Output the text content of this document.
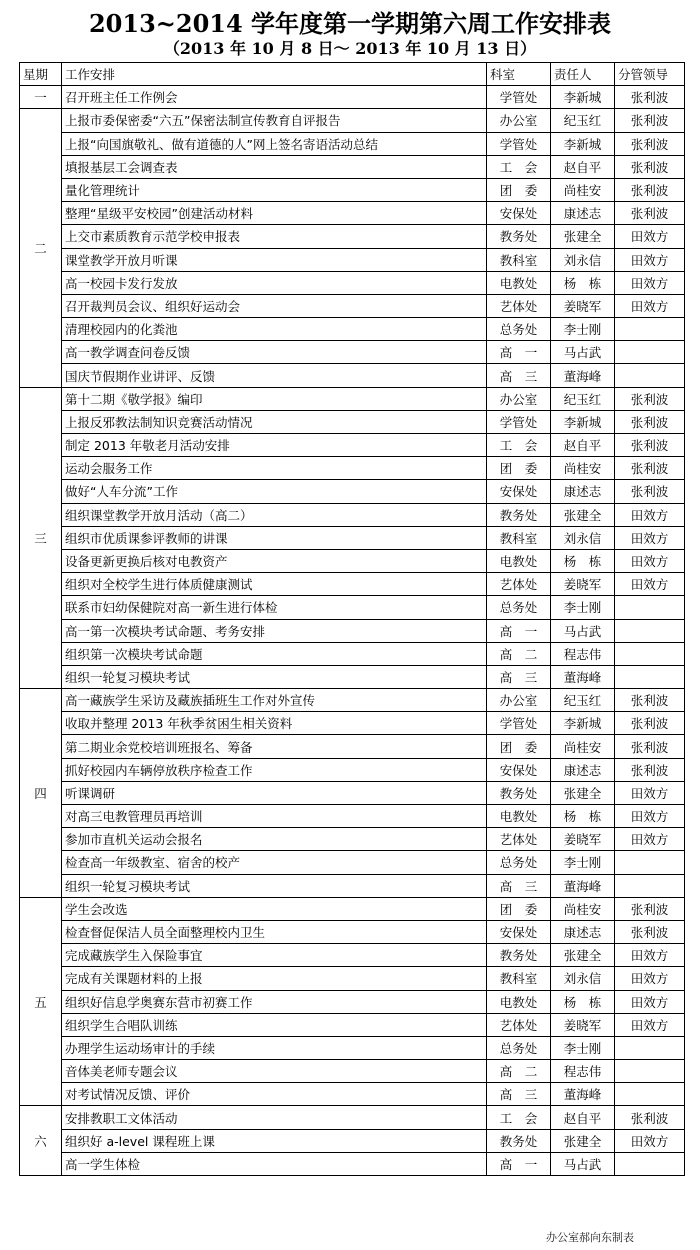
2013~2014 学年度第一学期第六周工作安排表
（2013 年 10 月 8 日～ 2013 年 10 月 13 日）
星期	工作安排	科室	责任人	分管领导
一	召开班主任工作例会	学管处	李新城	张利波
二	上报市委保密委“六五”保密法制宣传教育自评报告	办公室	纪玉红	张利波
	上报“向国旗敬礼、做有道德的人”网上签名寄语活动总结	学管处	李新城	张利波
	填报基层工会调查表	工　会	赵自平	张利波
	量化管理统计	团　委	尚桂安	张利波
	整理“星级平安校园”创建活动材料	安保处	康述志	张利波
	上交市素质教育示范学校申报表	教务处	张建全	田效方
	课堂教学开放月听课	教科室	刘永信	田效方
	高一校园卡发行发放	电教处	杨　栋	田效方
	召开裁判员会议、组织好运动会	艺体处	姜晓军	田效方
	清理校园内的化粪池	总务处	李士刚	
	高一教学调查问卷反馈	高　一	马占武	
	国庆节假期作业讲评、反馈	高　三	董海峰	
三	第十二期《敬学报》编印	办公室	纪玉红	张利波
	上报反邪教法制知识竞赛活动情况	学管处	李新城	张利波
	制定 2013 年敬老月活动安排	工　会	赵自平	张利波
	运动会服务工作	团　委	尚桂安	张利波
	做好“人车分流”工作	安保处	康述志	张利波
	组织课堂教学开放月活动（高二）	教务处	张建全	田效方
	组织市优质课参评教师的讲课	教科室	刘永信	田效方
	设备更新更换后核对电教资产	电教处	杨　栋	田效方
	组织对全校学生进行体质健康测试	艺体处	姜晓军	田效方
	联系市妇幼保健院对高一新生进行体检	总务处	李士刚	
	高一第一次模块考试命题、考务安排	高　一	马占武	
	组织第一次模块考试命题	高　二	程志伟	
	组织一轮复习模块考试	高　三	董海峰	
四	高一藏族学生采访及藏族插班生工作对外宣传	办公室	纪玉红	张利波
	收取并整理 2013 年秋季贫困生相关资料	学管处	李新城	张利波
	第二期业余党校培训班报名、筹备	团　委	尚桂安	张利波
	抓好校园内车辆停放秩序检查工作	安保处	康述志	张利波
	听课调研	教务处	张建全	田效方
	对高三电教管理员再培训	电教处	杨　栋	田效方
	参加市直机关运动会报名	艺体处	姜晓军	田效方
	检查高一年级教室、宿舍的校产	总务处	李士刚	
	组织一轮复习模块考试	高　三	董海峰	
五	学生会改选	团　委	尚桂安	张利波
	检查督促保洁人员全面整理校内卫生	安保处	康述志	张利波
	完成藏族学生入保险事宜	教务处	张建全	田效方
	完成有关课题材料的上报	教科室	刘永信	田效方
	组织好信息学奥赛东营市初赛工作	电教处	杨　栋	田效方
	组织学生合唱队训练	艺体处	姜晓军	田效方
	办理学生运动场审计的手续	总务处	李士刚	
	音体美老师专题会议	高　二	程志伟	
	对考试情况反馈、评价	高　三	董海峰	
六	安排教职工文体活动	工　会	赵自平	张利波
	组织好 a-level 课程班上课	教务处	张建全	田效方
	高一学生体检	高　一	马占武	
办公室郝向东制表
